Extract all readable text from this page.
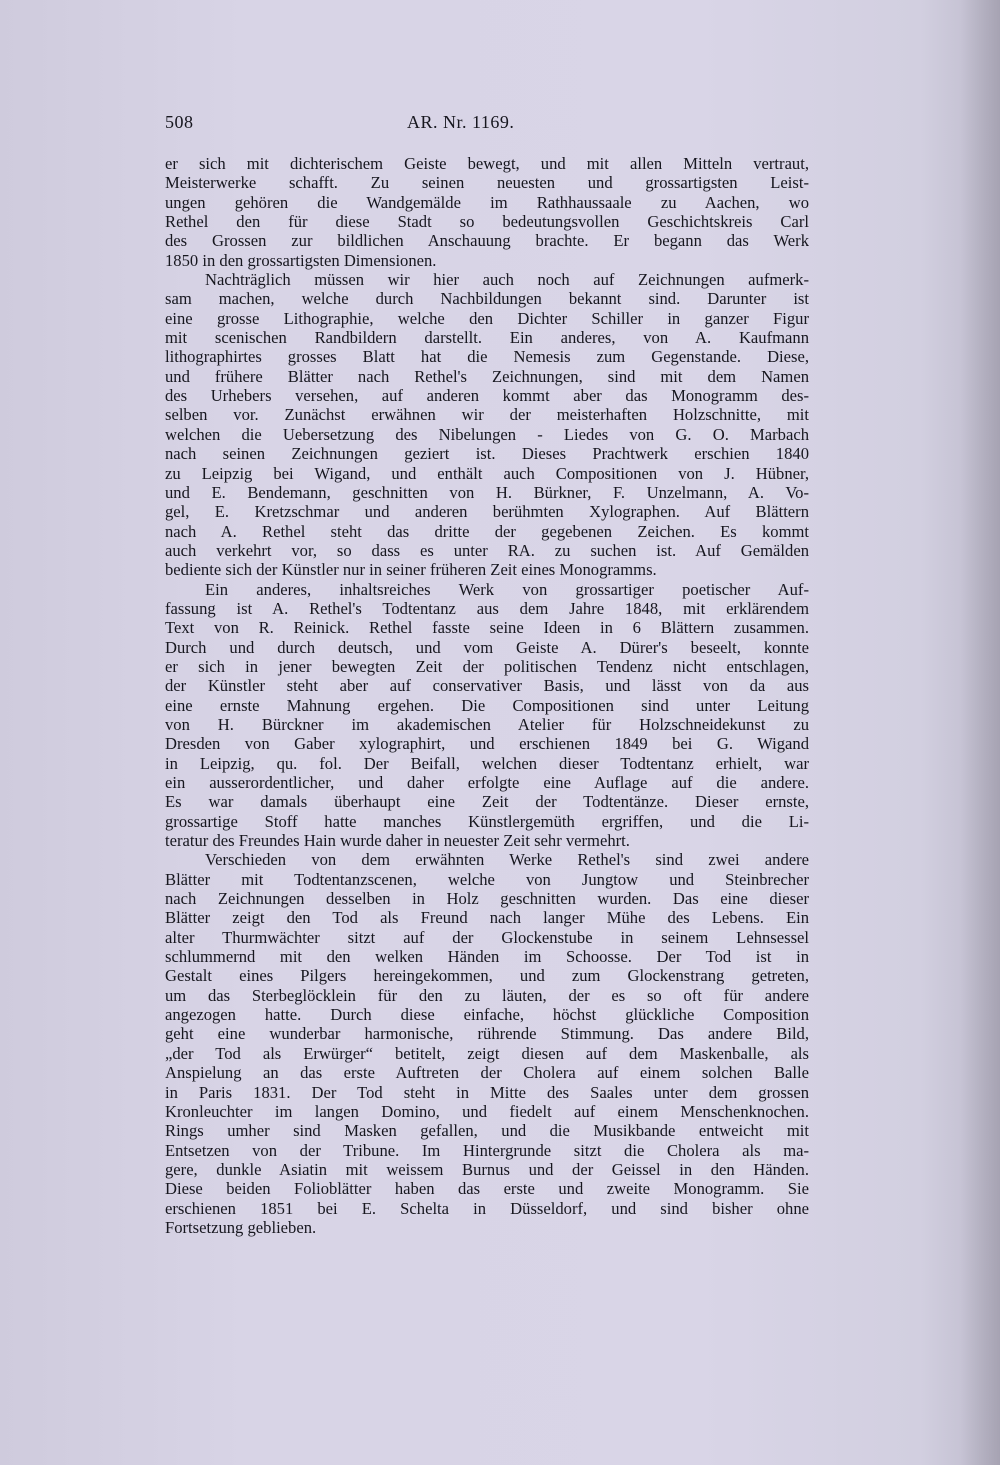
508	AR. Nr. 1169.
er sich mit dichterischem Geiste bewegt, und mit allen Mitteln vertraut,
Meisterwerke schafft. Zu seinen neuesten und grossartigsten Leist-
ungen gehören die Wandgemälde im Rathhaussaale zu Aachen, wo
Rethel den für diese Stadt so bedeutungsvollen Geschichtskreis Carl
des Grossen zur bildlichen Anschauung brachte. Er begann das Werk
1850 in den grossartigsten Dimensionen.
Nachträglich müssen wir hier auch noch auf Zeichnungen aufmerk-
sam machen, welche durch Nachbildungen bekannt sind. Darunter ist
eine grosse Lithographie, welche den Dichter Schiller in ganzer Figur
mit scenischen Randbildern darstellt. Ein anderes, von A. Kaufmann
lithographirtes grosses Blatt hat die Nemesis zum Gegenstande. Diese,
und frühere Blätter nach Rethel's Zeichnungen, sind mit dem Namen
des Urhebers versehen, auf anderen kommt aber das Monogramm des-
selben vor. Zunächst erwähnen wir der meisterhaften Holzschnitte, mit
welchen die Uebersetzung des Nibelungen - Liedes von G. O. Marbach
nach seinen Zeichnungen geziert ist. Dieses Prachtwerk erschien 1840
zu Leipzig bei Wigand, und enthält auch Compositionen von J. Hübner,
und E. Bendemann, geschnitten von H. Bürkner, F. Unzelmann, A. Vo-
gel, E. Kretzschmar und anderen berühmten Xylographen. Auf Blättern
nach A. Rethel steht das dritte der gegebenen Zeichen. Es kommt
auch verkehrt vor, so dass es unter RA. zu suchen ist. Auf Gemälden
bediente sich der Künstler nur in seiner früheren Zeit eines Monogramms.
Ein anderes, inhaltsreiches Werk von grossartiger poetischer Auf-
fassung ist A. Rethel's Todtentanz aus dem Jahre 1848, mit erklärendem
Text von R. Reinick. Rethel fasste seine Ideen in 6 Blättern zusammen.
Durch und durch deutsch, und vom Geiste A. Dürer's beseelt, konnte
er sich in jener bewegten Zeit der politischen Tendenz nicht entschlagen,
der Künstler steht aber auf conservativer Basis, und lässt von da aus
eine ernste Mahnung ergehen. Die Compositionen sind unter Leitung
von H. Bürckner im akademischen Atelier für Holzschneidekunst zu
Dresden von Gaber xylographirt, und erschienen 1849 bei G. Wigand
in Leipzig, qu. fol. Der Beifall, welchen dieser Todtentanz erhielt, war
ein ausserordentlicher, und daher erfolgte eine Auflage auf die andere.
Es war damals überhaupt eine Zeit der Todtentänze. Dieser ernste,
grossartige Stoff hatte manches Künstlergemüth ergriffen, und die Li-
teratur des Freundes Hain wurde daher in neuester Zeit sehr vermehrt.
Verschieden von dem erwähnten Werke Rethel's sind zwei andere
Blätter mit Todtentanzscenen, welche von Jungtow und Steinbrecher
nach Zeichnungen desselben in Holz geschnitten wurden. Das eine dieser
Blätter zeigt den Tod als Freund nach langer Mühe des Lebens. Ein
alter Thurmwächter sitzt auf der Glockenstube in seinem Lehnsessel
schlummernd mit den welken Händen im Schoosse. Der Tod ist in
Gestalt eines Pilgers hereingekommen, und zum Glockenstrang getreten,
um das Sterbeglöcklein für den zu läuten, der es so oft für andere
angezogen hatte. Durch diese einfache, höchst glückliche Composition
geht eine wunderbar harmonische, rührende Stimmung. Das andere Bild,
„der Tod als Erwürger“ betitelt, zeigt diesen auf dem Maskenballe, als
Anspielung an das erste Auftreten der Cholera auf einem solchen Balle
in Paris 1831. Der Tod steht in Mitte des Saales unter dem grossen
Kronleuchter im langen Domino, und fiedelt auf einem Menschenknochen.
Rings umher sind Masken gefallen, und die Musikbande entweicht mit
Entsetzen von der Tribune. Im Hintergrunde sitzt die Cholera als ma-
gere, dunkle Asiatin mit weissem Burnus und der Geissel in den Händen.
Diese beiden Folioblätter haben das erste und zweite Monogramm. Sie
erschienen 1851 bei E. Schelta in Düsseldorf, und sind bisher ohne
Fortsetzung geblieben.
